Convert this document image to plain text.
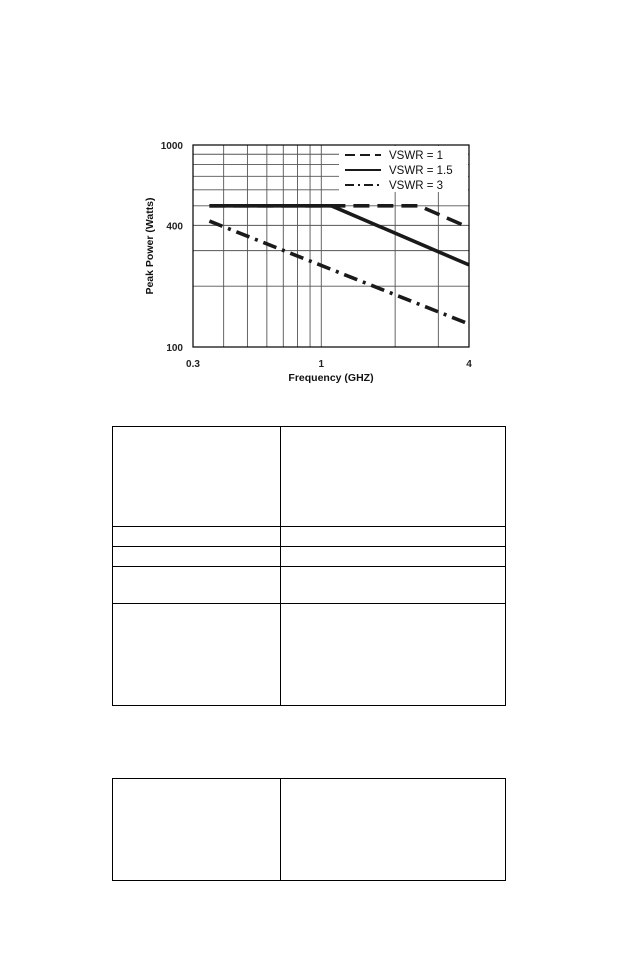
0.3	1	4
100
400
1000
VSWR = 1
VSWR = 1.5
VSWR = 3
Frequency (GHZ)
Peak Power (Watts)
